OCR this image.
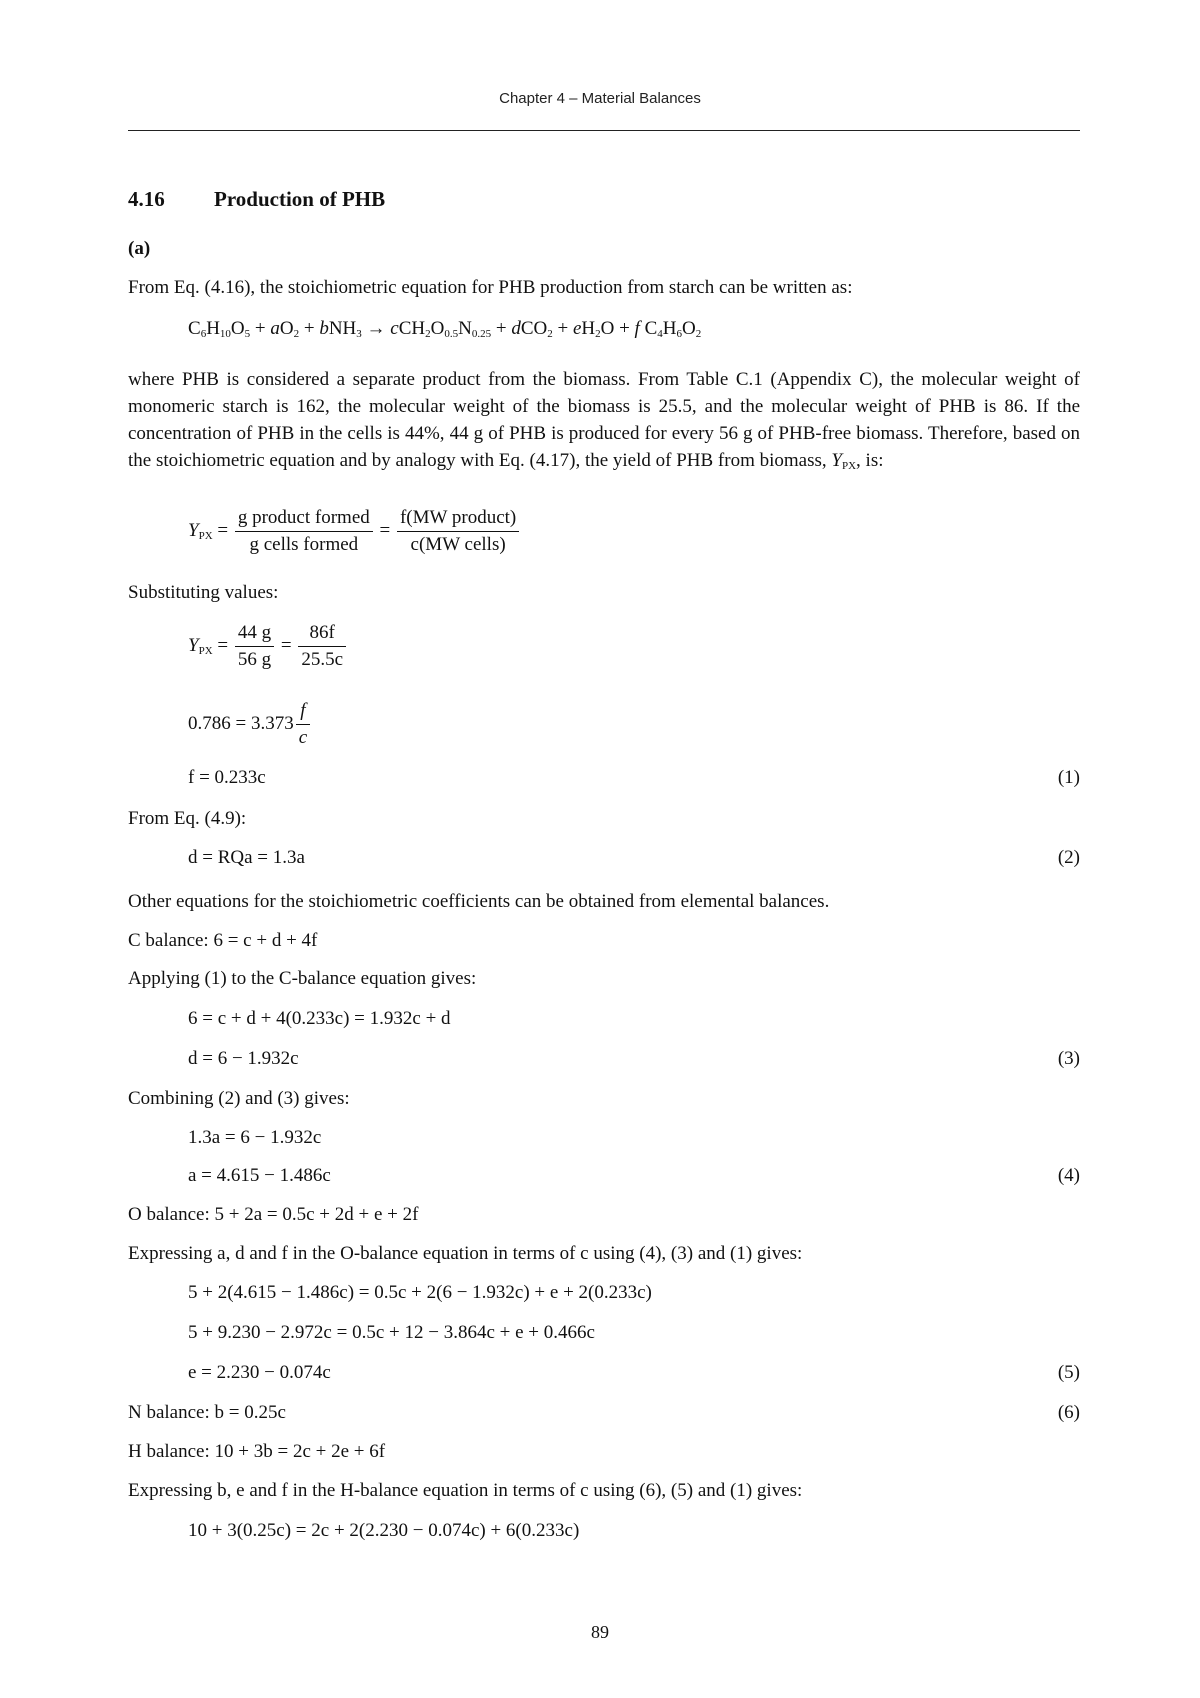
Chapter 4 – Material Balances
4.16 Production of PHB
(a)
From Eq. (4.16), the stoichiometric equation for PHB production from starch can be written as:
$C_6H_{10}O_5 + aO_2 + bNH_3 \to cCH_2O_{0.5}N_{0.25} + dCO_2 + eH_2O + f$ $C_4H_6O_2$
where PHB is considered a separate product from the biomass. From Table C.1 (Appendix C), the molecular weight of monomeric starch is 162, the molecular weight of the biomass is 25.5, and the molecular weight of PHB is 86. If the concentration of PHB in the cells is 44%, 44 g of PHB is produced for every 56 g of PHB-free biomass. Therefore, based on the stoichiometric equation and by analogy with Eq. (4.17), the yield of PHB from biomass, $Y_{PX}$, is:
$Y_{PX} = \frac{\text{g product formed}}{\text{g cells formed}} = \frac{\text{f(MW product)}}{\text{c(MW cells)}}$
Substituting values:
$Y_{PX} = \frac{44 g}{56 g} = \frac{86f}{25.5c}$
$0.786 = 3.373 \frac{f}{c}$
f = 0.233c	(1)
From Eq. (4.9):
d = RQa = 1.3a	(2)
Other equations for the stoichiometric coefficients can be obtained from elemental balances.
C balance: 6 = c + d + 4f
Applying (1) to the C-balance equation gives:
6 = c + d + 4(0.233c) = 1.932c + d
d = 6 − 1.932c	(3)
Combining (2) and (3) gives:
1.3a = 6 − 1.932c
a = 4.615 − 1.486c	(4)
O balance: 5 + 2a = 0.5c + 2d + e + 2f
Expressing a, d and f in the O-balance equation in terms of c using (4), (3) and (1) gives:
5 + 2(4.615 − 1.486c) = 0.5c + 2(6 − 1.932c) + e + 2(0.233c)
5 + 9.230 − 2.972c = 0.5c + 12 − 3.864c + e + 0.466c
e = 2.230 − 0.074c	(5)
N balance: b = 0.25c	(6)
H balance: 10 + 3b = 2c + 2e + 6f
Expressing b, e and f in the H-balance equation in terms of c using (6), (5) and (1) gives:
10 + 3(0.25c) = 2c + 2(2.230 − 0.074c) + 6(0.233c)
89
